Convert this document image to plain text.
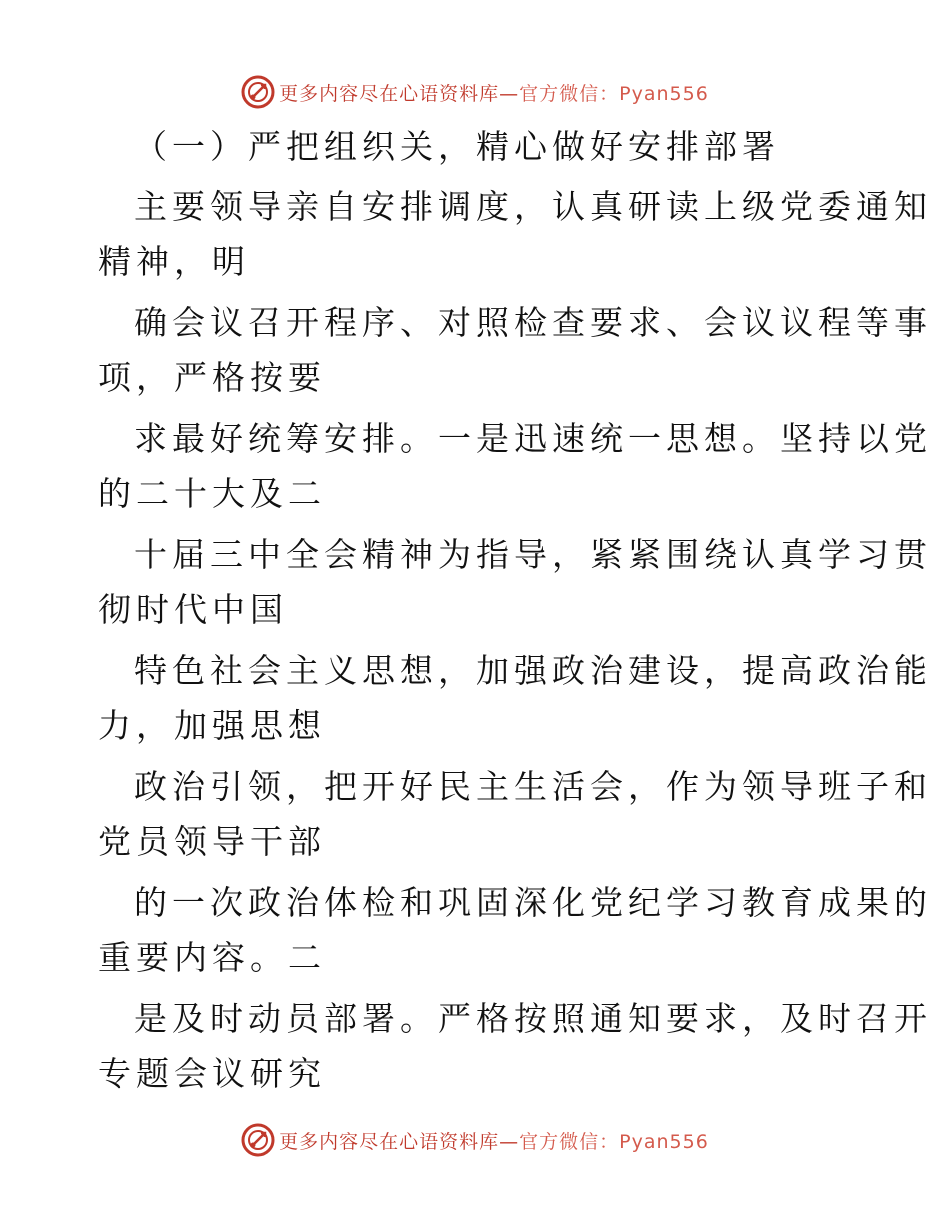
更多内容尽在心语资料库—官方微信：Pyan556
（一）严把组织关，精心做好安排部署
主要领导亲自安排调度，认真研读上级党委通知
精神，明
确会议召开程序、对照检查要求、会议议程等事
项，严格按要
求最好统筹安排。一是迅速统一思想。坚持以党
的二十大及二
十届三中全会精神为指导，紧紧围绕认真学习贯
彻时代中国
特色社会主义思想，加强政治建设，提高政治能
力，加强思想
政治引领，把开好民主生活会，作为领导班子和
党员领导干部
的一次政治体检和巩固深化党纪学习教育成果的
重要内容。二
是及时动员部署。严格按照通知要求，及时召开
专题会议研究
更多内容尽在心语资料库—官方微信：Pyan556
